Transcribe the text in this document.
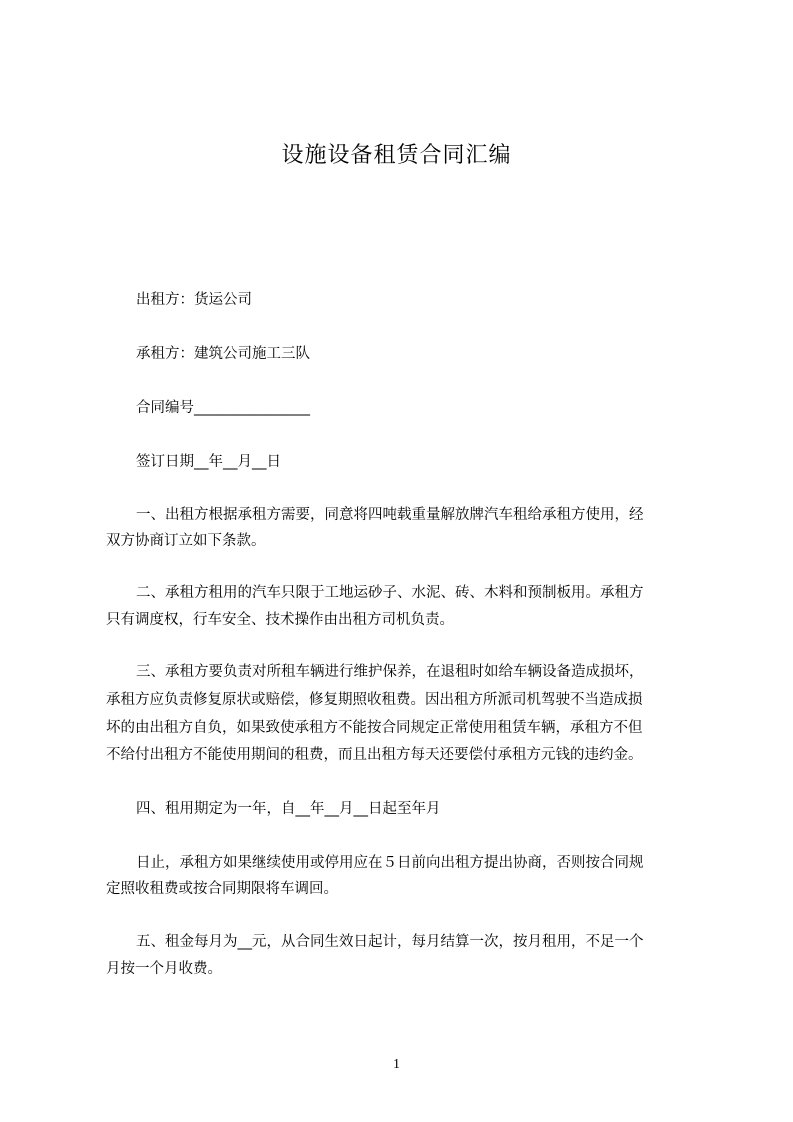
设施设备租赁合同汇编
出租方：货运公司
承租方：建筑公司施工三队
合同编号________________
签订日期__年__月__日
一、出租方根据承租方需要，同意将四吨载重量解放牌汽车租给承租方使用，经
双方协商订立如下条款。
二、承租方租用的汽车只限于工地运砂子、水泥、砖、木料和预制板用。承租方
只有调度权，行车安全、技术操作由出租方司机负责。
三、承租方要负责对所租车辆进行维护保养，在退租时如给车辆设备造成损坏，
承租方应负责修复原状或赔偿，修复期照收租费。因出租方所派司机驾驶不当造成损
坏的由出租方自负，如果致使承租方不能按合同规定正常使用租赁车辆，承租方不但
不给付出租方不能使用期间的租费，而且出租方每天还要偿付承租方元钱的违约金。
四、租用期定为一年，自__年__月__日起至年月
日止，承租方如果继续使用或停用应在５日前向出租方提出协商，否则按合同规
定照收租费或按合同期限将车调回。
五、租金每月为__元，从合同生效日起计，每月结算一次，按月租用，不足一个
月按一个月收费。
1
